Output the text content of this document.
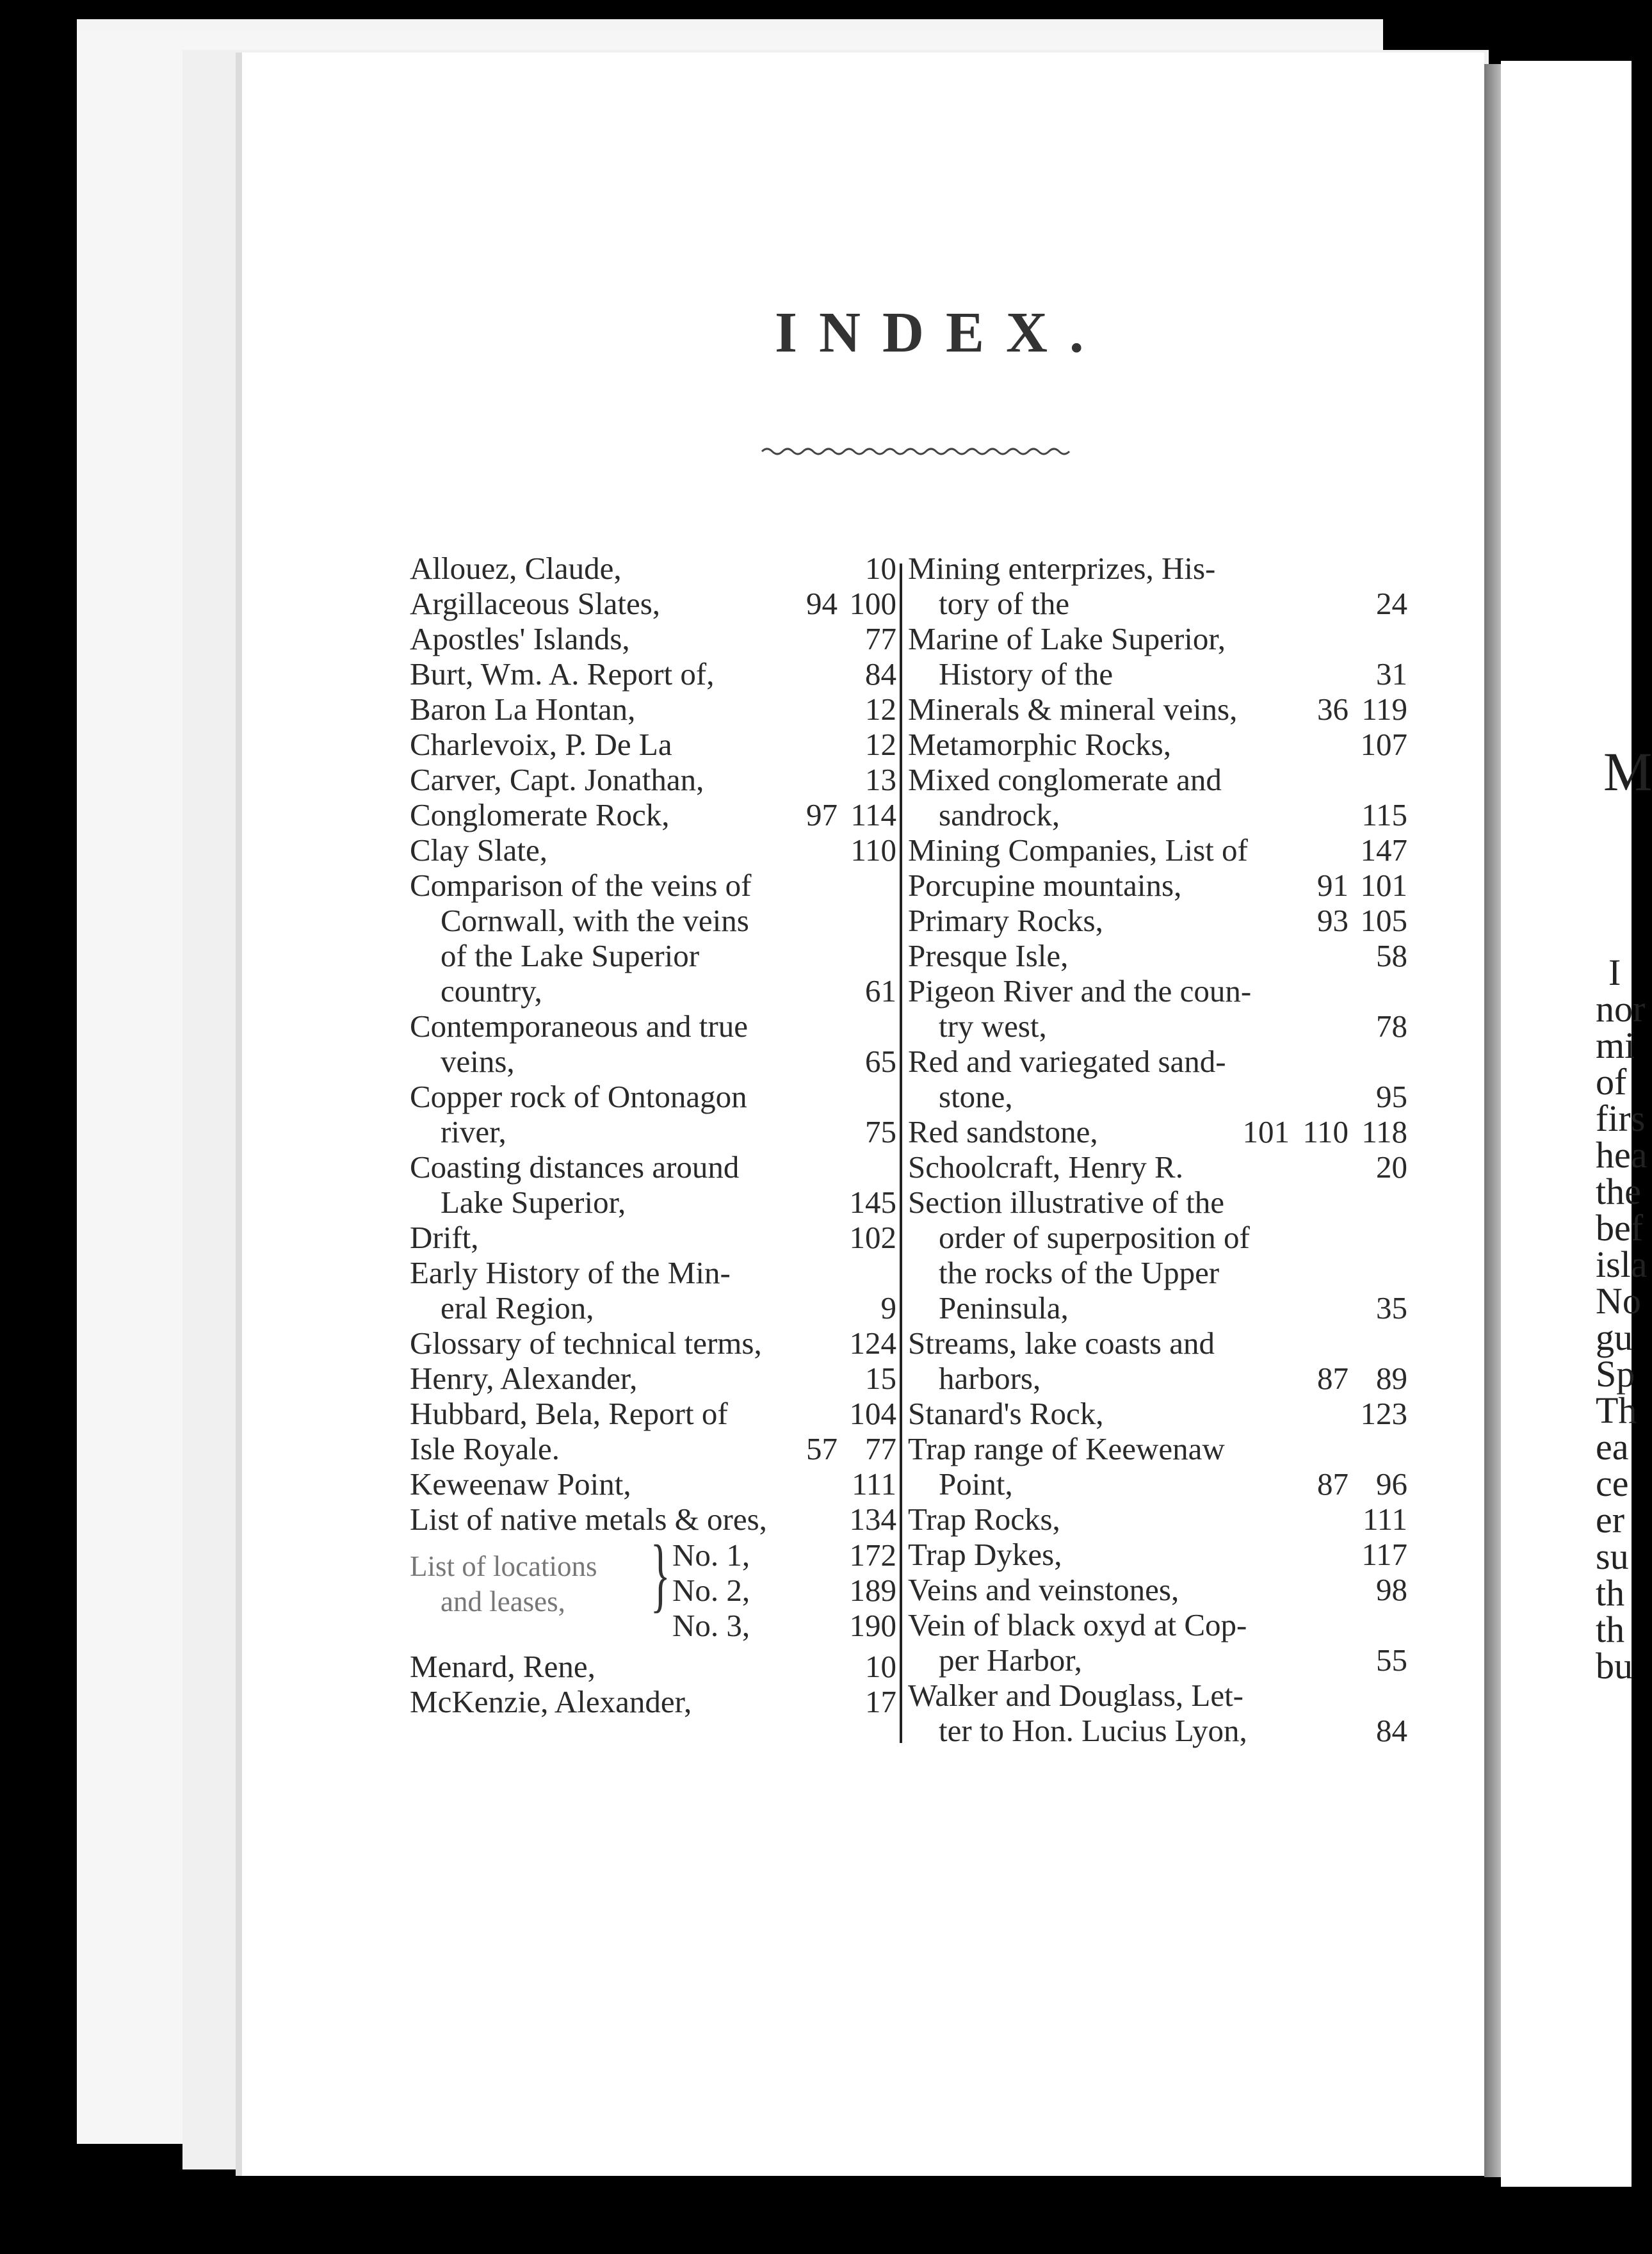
INDEX.
Allouez, Claude,	10
Argillaceous Slates,	94 100
Apostles' Islands,	77
Burt, Wm. A. Report of,	84
Baron La Hontan,	12
Charlevoix, P. De La	12
Carver, Capt. Jonathan,	13
Conglomerate Rock,	97 114
Clay Slate,	110
Comparison of the veins of
Cornwall, with the veins
of the Lake Superior
country,	61
Contemporaneous and true
veins,	65
Copper rock of Ontonagon
river,	75
Coasting distances around
Lake Superior,	145
Drift,	102
Early History of the Min-
eral Region,	9
Glossary of technical terms,	124
Henry, Alexander,	15
Hubbard, Bela, Report of	104
Isle Royale.	57 77
Keweenaw Point,	111
List of native metals & ores,	134
List of locations
and leases, } No. 1,	172
No. 2,	189
No. 3,	190
Menard, Rene,	10
McKenzie, Alexander,	17
Mining enterprizes, His-
tory of the	24
Marine of Lake Superior,
History of the	31
Minerals & mineral veins,	36 119
Metamorphic Rocks,	107
Mixed conglomerate and
sandrock,	115
Mining Companies, List of	147
Porcupine mountains,	91 101
Primary Rocks,	93 105
Presque Isle,	58
Pigeon River and the coun-
try west,	78
Red and variegated sand-
stone,	95
Red sandstone,	101 110 118
Schoolcraft, Henry R.	20
Section illustrative of the
order of superposition of
the rocks of the Upper
Peninsula,	35
Streams, lake coasts and
harbors,	87 89
Stanard's Rock,	123
Trap range of Keewenaw
Point,	87 96
Trap Rocks,	111
Trap Dykes,	117
Veins and veinstones,	98
Vein of black oxyd at Cop-
per Harbor,	55
Walker and Douglass, Let-
ter to Hon. Lucius Lyon,	84
M
I
nor
mi
of
firs
hea
the
bef
isla
No
gu
Sp
Th
ea
ce
er
su
th
th
bu
